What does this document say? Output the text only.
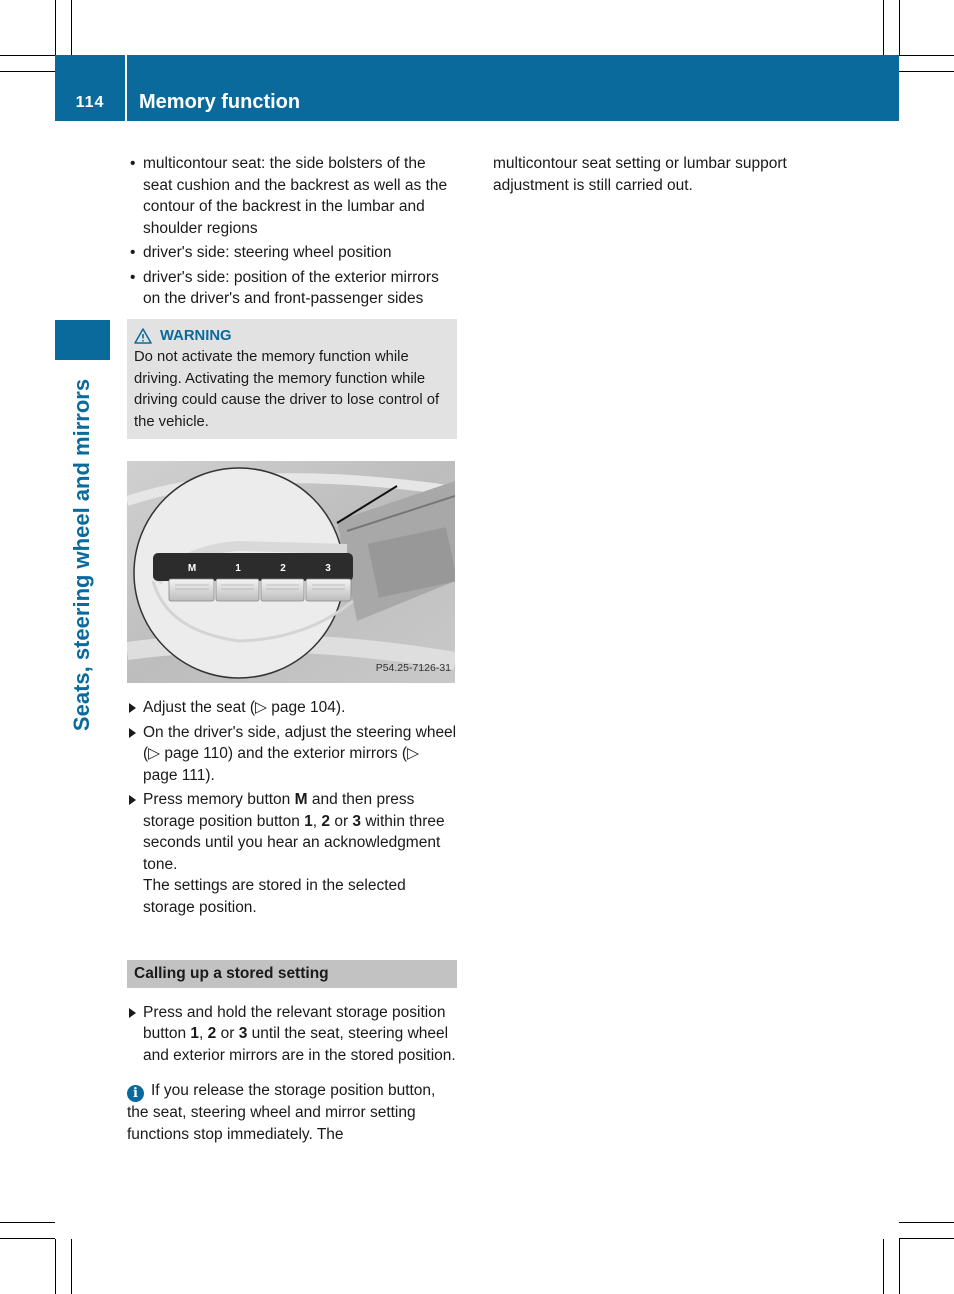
114	Memory function
Seats, steering wheel and mirrors
• multicontour seat: the side bolsters of the seat cushion and the backrest as well as the contour of the backrest in the lumbar and shoulder regions
• driver's side: steering wheel position
• driver's side: position of the exterior mirrors on the driver's and front-passenger sides
WARNING
Do not activate the memory function while driving. Activating the memory function while driving could cause the driver to lose control of the vehicle.
M	1	2	3
P54.25-7126-31
Adjust the seat (▷ page 104).
On the driver's side, adjust the steering wheel (▷ page 110) and the exterior mirrors (▷ page 111).
Press memory button M and then press storage position button 1, 2 or 3 within three seconds until you hear an acknowledgment tone.
The settings are stored in the selected storage position.
Calling up a stored setting
Press and hold the relevant storage position button 1, 2 or 3 until the seat, steering wheel and exterior mirrors are in the stored position.
i If you release the storage position button, the seat, steering wheel and mirror setting functions stop immediately. The
multicontour seat setting or lumbar support adjustment is still carried out.
